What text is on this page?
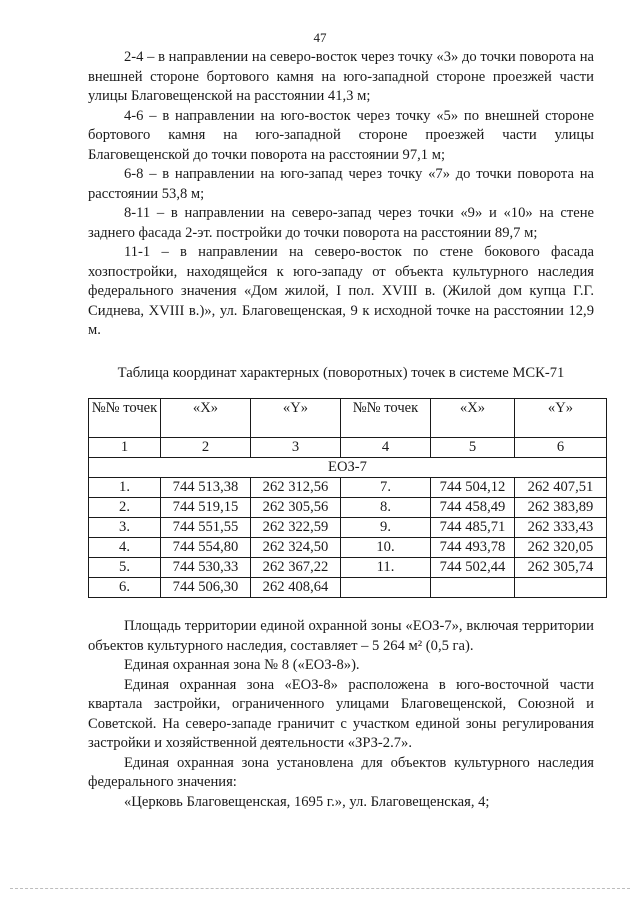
47

2-4 – в направлении на северо-восток через точку «3» до точки поворота на внешней стороне бортового камня на юго-западной стороне проезжей части улицы Благовещенской на расстоянии 41,3 м;

4-6 – в направлении на юго-восток через точку «5» по внешней стороне бортового камня на юго-западной стороне проезжей части улицы Благовещенской до точки поворота на расстоянии 97,1 м;

6-8 – в направлении на юго-запад через точку «7» до точки поворота на расстоянии 53,8 м;

8-11 – в направлении на северо-запад через точки «9» и «10» на стене заднего фасада 2-эт. постройки до точки поворота на расстоянии 89,7 м;

11-1 – в направлении на северо-восток по стене бокового фасада хозпостройки, находящейся к юго-западу от объекта культурного наследия федерального значения «Дом жилой, I пол. XVIII в. (Жилой дом купца Г.Г. Сиднева, XVIII в.)», ул. Благовещенская, 9 к исходной точке на расстоянии 12,9 м.

Таблица координат характерных (поворотных) точек в системе МСК-71
№№ точек	«X»	«Y»	№№ точек	«X»	«Y»
1	2	3	4	5	6
ЕОЗ-7					
1.	744 513,38	262 312,56	7.	744 504,12	262 407,51
2.	744 519,15	262 305,56	8.	744 458,49	262 383,89
3.	744 551,55	262 322,59	9.	744 485,71	262 333,43
4.	744 554,80	262 324,50	10.	744 493,78	262 320,05
5.	744 530,33	262 367,22	11.	744 502,44	262 305,74
6.	744 506,30	262 408,64			

Площадь территории единой охранной зоны «ЕОЗ-7», включая территории объектов культурного наследия, составляет – 5 264 м² (0,5 га).

Единая охранная зона № 8 («ЕОЗ-8»).

Единая охранная зона «ЕОЗ-8» расположена в юго-восточной части квартала застройки, ограниченного улицами Благовещенской, Союзной и Советской. На северо-западе граничит с участком единой зоны регулирования застройки и хозяйственной деятельности «ЗРЗ-2.7».

Единая охранная зона установлена для объектов культурного наследия федерального значения:

«Церковь Благовещенская, 1695 г.», ул. Благовещенская, 4;
